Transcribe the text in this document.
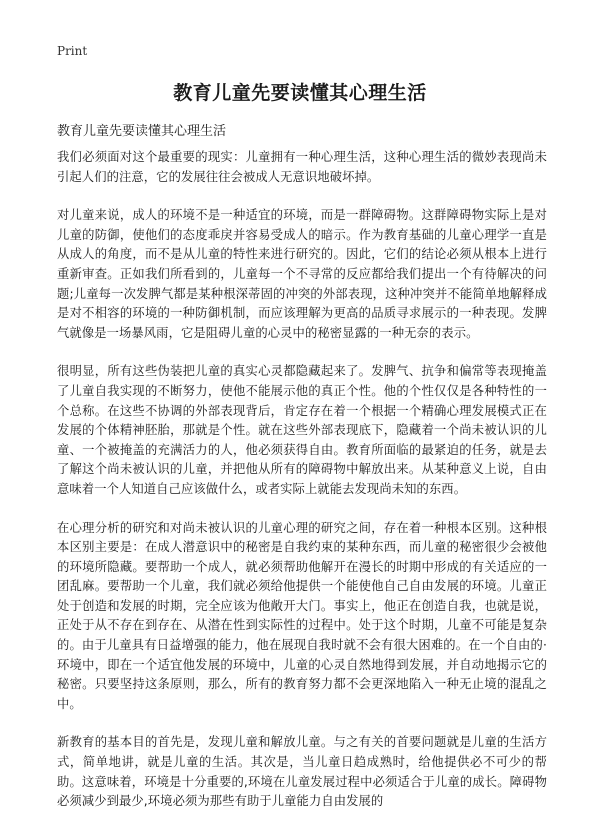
Print
教育儿童先要读懂其心理生活
教育儿童先要读懂其心理生活

我们必须面对这个最重要的现实：儿童拥有一种心理生活，这种心理生活的微妙表现尚未引起人们的注意，它的发展往往会被成人无意识地破坏掉。

对儿童来说，成人的环境不是一种适宜的环境，而是一群障碍物。这群障碍物实际上是对儿童的防御，使他们的态度乖戾并容易受成人的暗示。作为教育基础的儿童心理学一直是从成人的角度，而不是从儿童的特性来进行研究的。因此，它们的结论必须从根本上进行重新审查。正如我们所看到的，儿童每一个不寻常的反应都给我们提出一个有待解决的问题;儿童每一次发脾气都是某种根深蒂固的冲突的外部表现，这种冲突并不能简单地解释成是对不相容的环境的一种防御机制，而应该理解为更高的品质寻求展示的一种表现。发脾气就像是一场暴风雨，它是阻碍儿童的心灵中的秘密显露的一种无奈的表示。

很明显，所有这些伪装把儿童的真实心灵都隐藏起来了。发脾气、抗争和偏常等表现掩盖了儿童自我实现的不断努力，使他不能展示他的真正个性。他的个性仅仅是各种特性的一个总称。在这些不协调的外部表现背后，肯定存在着一个根据一个精确心理发展模式正在发展的个体精神胚胎，那就是个性。就在这些外部表现底下，隐藏着一个尚未被认识的儿童、一个被掩盖的充满活力的人，他必须获得自由。教育所面临的最紧迫的任务，就是去了解这个尚未被认识的儿童，并把他从所有的障碍物中解放出来。从某种意义上说，自由意味着一个人知道自己应该做什么，或者实际上就能去发现尚未知的东西。

在心理分析的研究和对尚未被认识的儿童心理的研究之间，存在着一种根本区别。这种根本区别主要是：在成人潜意识中的秘密是自我约束的某种东西，而儿童的秘密很少会被他的环境所隐藏。要帮助一个成人，就必须帮助他解开在漫长的时期中形成的有关适应的一团乱麻。要帮助一个儿童，我们就必须给他提供一个能使他自己自由发展的环境。儿童正处于创造和发展的时期，完全应该为他敞开大门。事实上，他正在创造自我，也就是说，正处于从不存在到存在、从潜在性到实际性的过程中。处于这个时期，儿童不可能是复杂的。由于儿童具有日益增强的能力，他在展现自我时就不会有很大困难的。在一个自由的·环境中，即在一个适宜他发展的环境中，儿童的心灵自然地得到发展，并自动地揭示它的秘密。只要坚持这条原则，那么，所有的教育努力都不会更深地陷入一种无止境的混乱之中。

新教育的基本目的首先是，发现儿童和解放儿童。与之有关的首要问题就是儿童的生活方式，简单地讲，就是儿童的生活。其次是，当儿童日趋成熟时，给他提供必不可少的帮助。这意味着，环境是十分重要的,环境在儿童发展过程中必须适合于儿童的成长。障碍物必须减少到最少,环境必须为那些有助于儿童能力自由发展的
